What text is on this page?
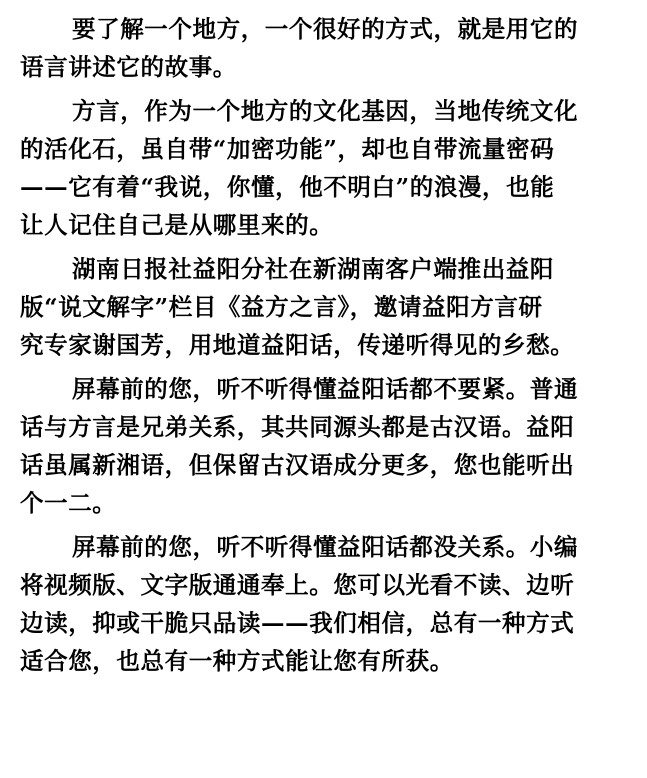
要了解一个地方，一个很好的方式，就是用它的
语言讲述它的故事。
方言，作为一个地方的文化基因，当地传统文化
的活化石，虽自带“加密功能”，却也自带流量密码
——它有着“我说，你懂，他不明白”的浪漫，也能
让人记住自己是从哪里来的。
湖南日报社益阳分社在新湖南客户端推出益阳
版“说文解字”栏目《益方之言》，邀请益阳方言研
究专家谢国芳，用地道益阳话，传递听得见的乡愁。
屏幕前的您，听不听得懂益阳话都不要紧。普通
话与方言是兄弟关系，其共同源头都是古汉语。益阳
话虽属新湘语，但保留古汉语成分更多，您也能听出
个一二。
屏幕前的您，听不听得懂益阳话都没关系。小编
将视频版、文字版通通奉上。您可以光看不读、边听
边读，抑或干脆只品读——我们相信，总有一种方式
适合您，也总有一种方式能让您有所获。
